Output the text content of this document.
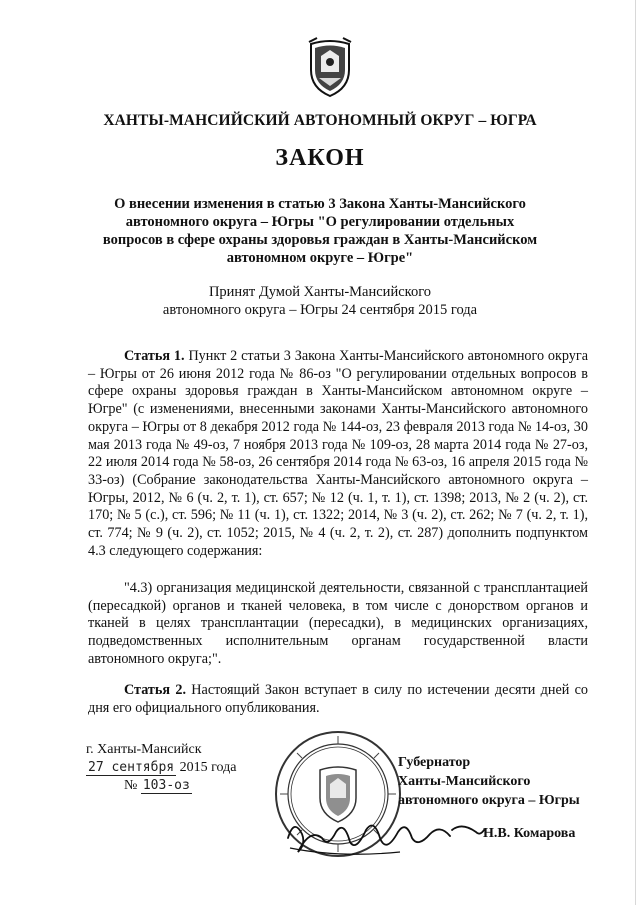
ХАНТЫ-МАНСИЙСКИЙ АВТОНОМНЫЙ ОКРУГ – ЮГРА
ЗАКОН
О внесении изменения в статью 3 Закона Ханты-Мансийского
автономного округа – Югры "О регулировании отдельных
вопросов в сфере охраны здоровья граждан в Ханты-Мансийском
автономном округе – Югре"
Принят Думой Ханты-Мансийского
автономного округа – Югры 24 сентября 2015 года
Статья 1. Пункт 2 статьи 3 Закона Ханты-Мансийского автономного округа – Югры от 26 июня 2012 года № 86-оз "О регулировании отдельных вопросов в сфере охраны здоровья граждан в Ханты-Мансийском автономном округе – Югре" (с изменениями, внесенными законами Ханты-Мансийского автономного округа – Югры от 8 декабря 2012 года № 144-оз, 23 февраля 2013 года № 14-оз, 30 мая 2013 года № 49-оз, 7 ноября 2013 года № 109-оз, 28 марта 2014 года № 27-оз, 22 июля 2014 года № 58-оз, 26 сентября 2014 года № 63-оз, 16 апреля 2015 года № 33-оз) (Собрание законодательства Ханты-Мансийского автономного округа – Югры, 2012, № 6 (ч. 2, т. 1), ст. 657; № 12 (ч. 1, т. 1), ст. 1398; 2013, № 2 (ч. 2), ст. 170; № 5 (с.), ст. 596; № 11 (ч. 1), ст. 1322; 2014, № 3 (ч. 2), ст. 262; № 7 (ч. 2, т. 1), ст. 774; № 9 (ч. 2), ст. 1052; 2015, № 4 (ч. 2, т. 2), ст. 287) дополнить подпунктом 4.3 следующего содержания:
"4.3) организация медицинской деятельности, связанной с трансплантацией (пересадкой) органов и тканей человека, в том числе с донорством органов и тканей в целях трансплантации (пересадки), в медицинских организациях, подведомственных исполнительным органам государственной власти автономного округа;".
Статья 2. Настоящий Закон вступает в силу по истечении десяти дней со дня его официального опубликования.
г. Ханты-Мансийск
27 сентября 2015 года
№ 103-оз
Губернатор
Ханты-Мансийского
автономного округа – Югры
Н.В. Комарова
